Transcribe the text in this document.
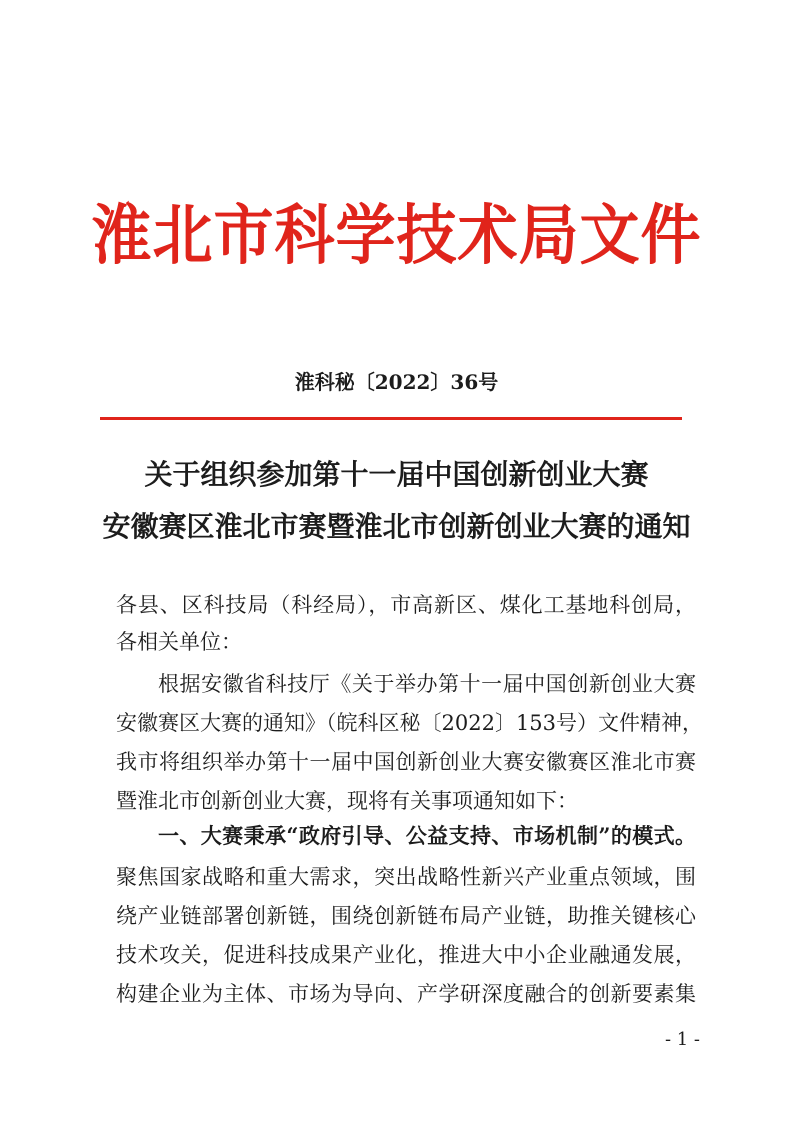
淮北市科学技术局文件
淮科秘〔2022〕36号
关于组织参加第十一届中国创新创业大赛
安徽赛区淮北市赛暨淮北市创新创业大赛的通知
各县、区科技局（科经局），市高新区、煤化工基地科创局，
各相关单位：
根据安徽省科技厅《关于举办第十一届中国创新创业大赛
安徽赛区大赛的通知》（皖科区秘〔2022〕153号）文件精神，
我市将组织举办第十一届中国创新创业大赛安徽赛区淮北市赛
暨淮北市创新创业大赛，现将有关事项通知如下：
一、大赛秉承“政府引导、公益支持、市场机制”的模式。
聚焦国家战略和重大需求，突出战略性新兴产业重点领域，围
绕产业链部署创新链，围绕创新链布局产业链，助推关键核心
技术攻关，促进科技成果产业化，推进大中小企业融通发展，
构建企业为主体、市场为导向、产学研深度融合的创新要素集
- 1 -
